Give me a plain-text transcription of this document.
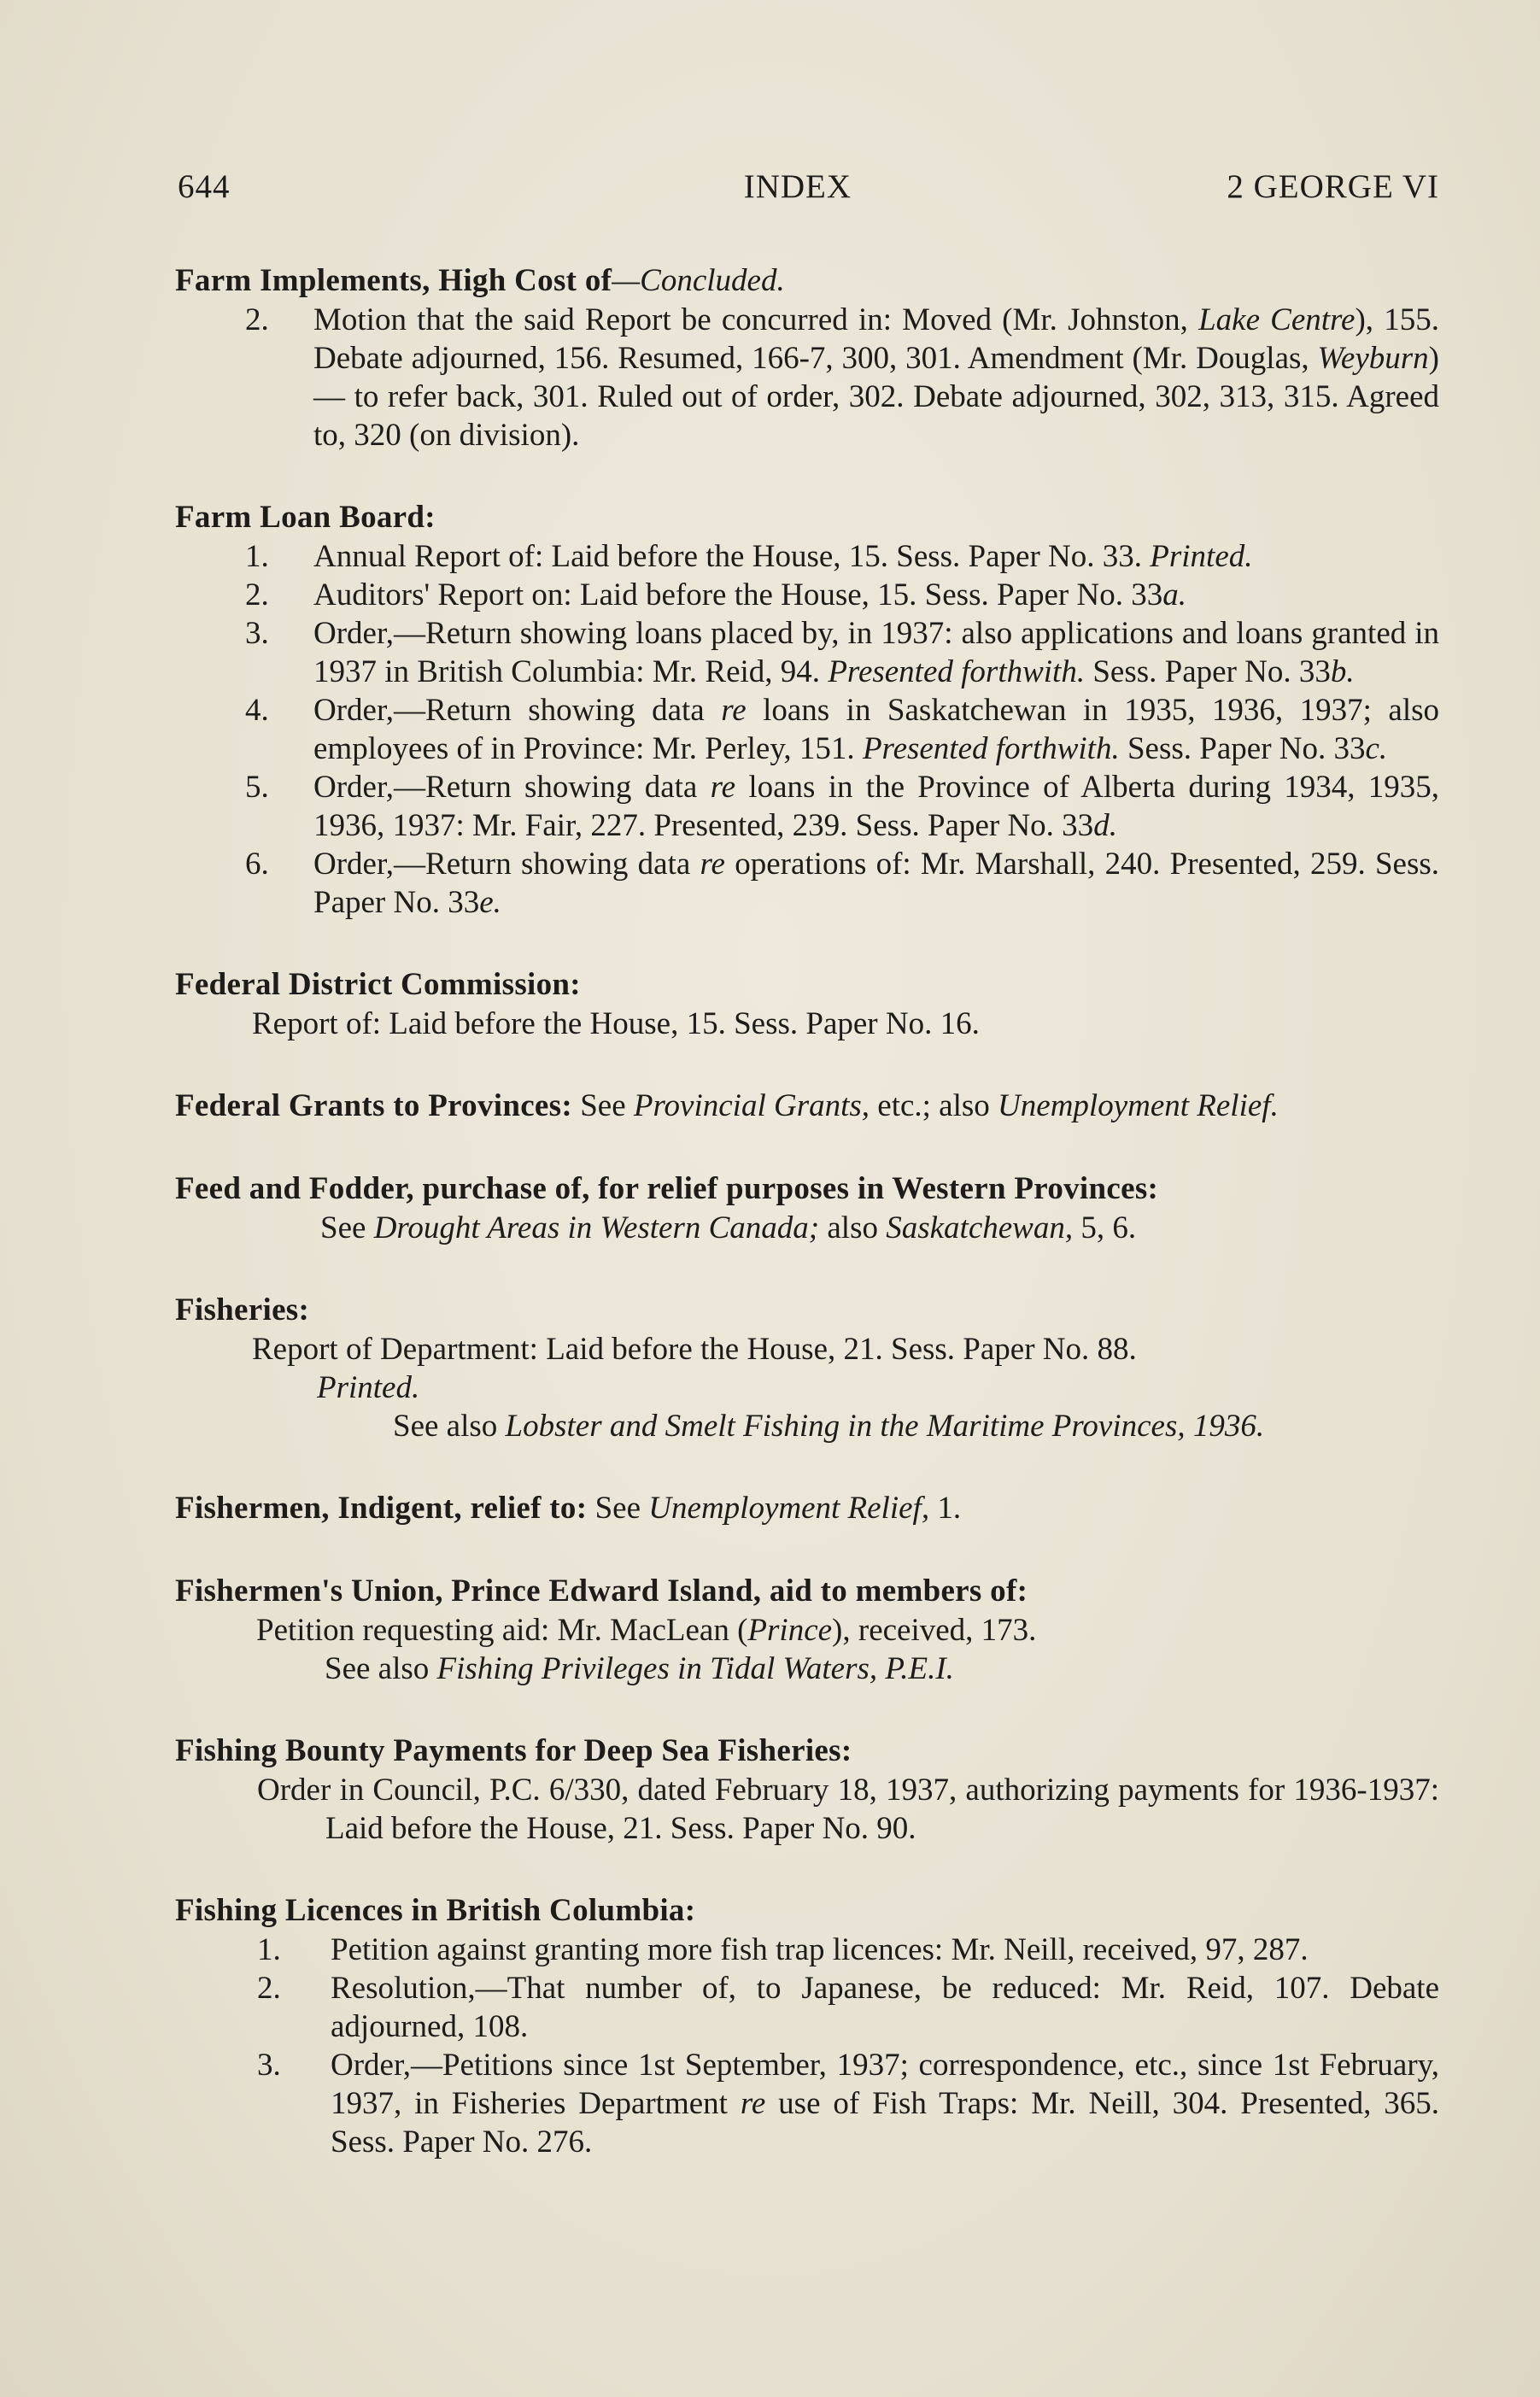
644	INDEX	2 GEORGE VI
Farm Implements, High Cost of—Concluded.
2. Motion that the said Report be concurred in: Moved (Mr. Johnston, Lake Centre), 155. Debate adjourned, 156. Resumed, 166-7, 300, 301. Amendment (Mr. Douglas, Weyburn)— to refer back, 301. Ruled out of order, 302. Debate adjourned, 302, 313, 315. Agreed to, 320 (on division).
Farm Loan Board:
1. Annual Report of: Laid before the House, 15. Sess. Paper No. 33. Printed.
2. Auditors' Report on: Laid before the House, 15. Sess. Paper No. 33a.
3. Order,—Return showing loans placed by, in 1937: also applications and loans granted in 1937 in British Columbia: Mr. Reid, 94. Presented forthwith. Sess. Paper No. 33b.
4. Order,—Return showing data re loans in Saskatchewan in 1935, 1936, 1937; also employees of in Province: Mr. Perley, 151. Presented forthwith. Sess. Paper No. 33c.
5. Order,—Return showing data re loans in the Province of Alberta during 1934, 1935, 1936, 1937: Mr. Fair, 227. Presented, 239. Sess. Paper No. 33d.
6. Order,—Return showing data re operations of: Mr. Marshall, 240. Presented, 259. Sess. Paper No. 33e.
Federal District Commission:
Report of: Laid before the House, 15. Sess. Paper No. 16.
Federal Grants to Provinces: See Provincial Grants, etc.; also Unemployment Relief.
Feed and Fodder, purchase of, for relief purposes in Western Provinces:
See Drought Areas in Western Canada; also Saskatchewan, 5, 6.
Fisheries:
Report of Department: Laid before the House, 21. Sess. Paper No. 88.
Printed.
See also Lobster and Smelt Fishing in the Maritime Provinces, 1936.
Fishermen, Indigent, relief to: See Unemployment Relief, 1.
Fishermen's Union, Prince Edward Island, aid to members of:
Petition requesting aid: Mr. MacLean (Prince), received, 173.
See also Fishing Privileges in Tidal Waters, P.E.I.
Fishing Bounty Payments for Deep Sea Fisheries:
Order in Council, P.C. 6/330, dated February 18, 1937, authorizing payments for 1936-1937: Laid before the House, 21. Sess. Paper No. 90.
Fishing Licences in British Columbia:
1. Petition against granting more fish trap licences: Mr. Neill, received, 97, 287.
2. Resolution,—That number of, to Japanese, be reduced: Mr. Reid, 107. Debate adjourned, 108.
3. Order,—Petitions since 1st September, 1937; correspondence, etc., since 1st February, 1937, in Fisheries Department re use of Fish Traps: Mr. Neill, 304. Presented, 365. Sess. Paper No. 276.
